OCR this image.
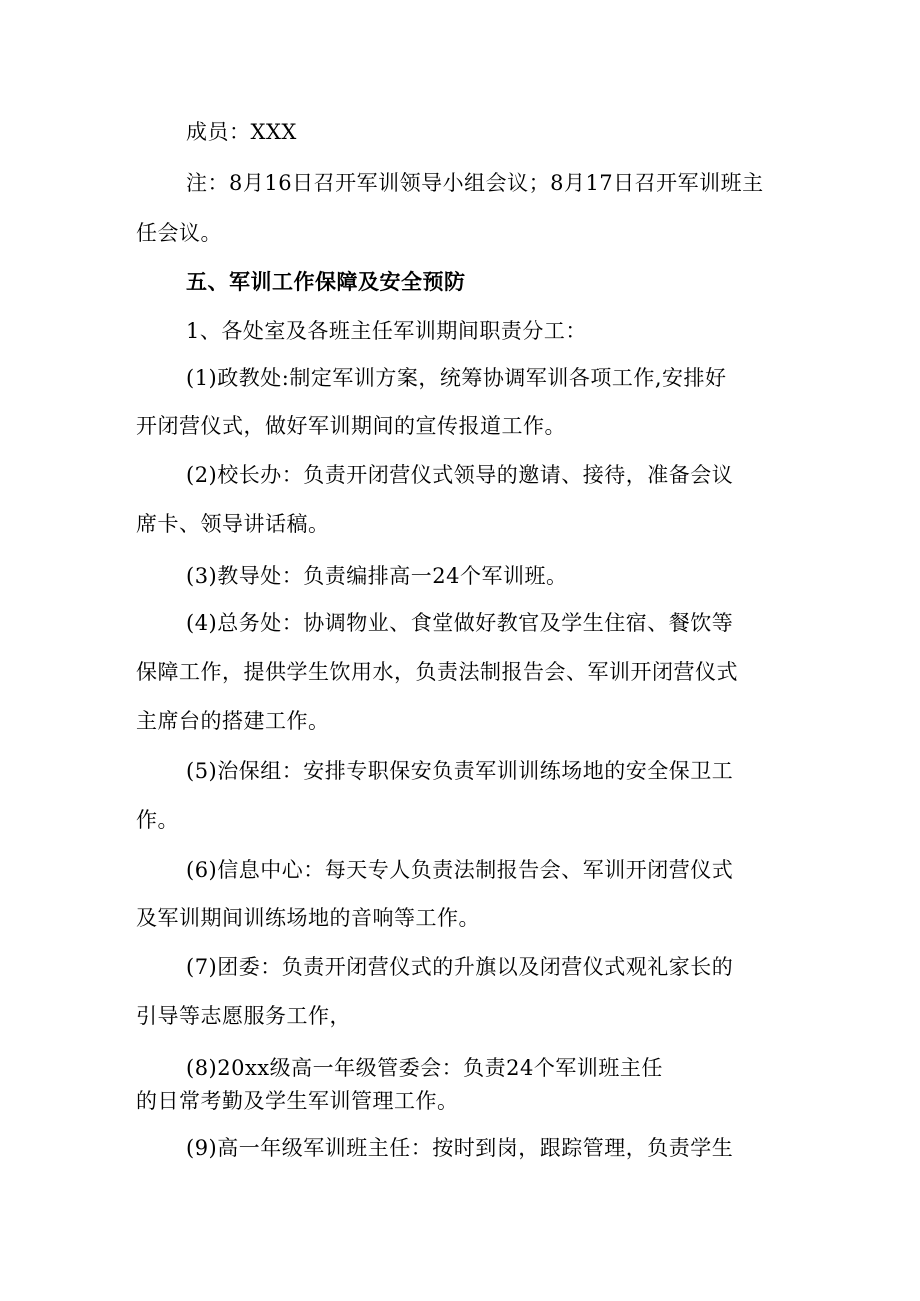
成员：XXX
注：8月16日召开军训领导小组会议；8月17日召开军训班主
任会议。
五、军训工作保障及安全预防
1、各处室及各班主任军训期间职责分工：
(1)政教处:制定军训方案，统筹协调军训各项工作,安排好
开闭营仪式，做好军训期间的宣传报道工作。
(2)校长办：负责开闭营仪式领导的邀请、接待，准备会议
席卡、领导讲话稿。
(3)教导处：负责编排高一24个军训班。
(4)总务处：协调物业、食堂做好教官及学生住宿、餐饮等
保障工作，提供学生饮用水，负责法制报告会、军训开闭营仪式
主席台的搭建工作。
(5)治保组：安排专职保安负责军训训练场地的安全保卫工
作。
(6)信息中心：每天专人负责法制报告会、军训开闭营仪式
及军训期间训练场地的音响等工作。
(7)团委：负责开闭营仪式的升旗以及闭营仪式观礼家长的
引导等志愿服务工作，
(8)20xx级高一年级管委会：负责24个军训班主任
的日常考勤及学生军训管理工作。
(9)高一年级军训班主任：按时到岗，跟踪管理，负责学生
